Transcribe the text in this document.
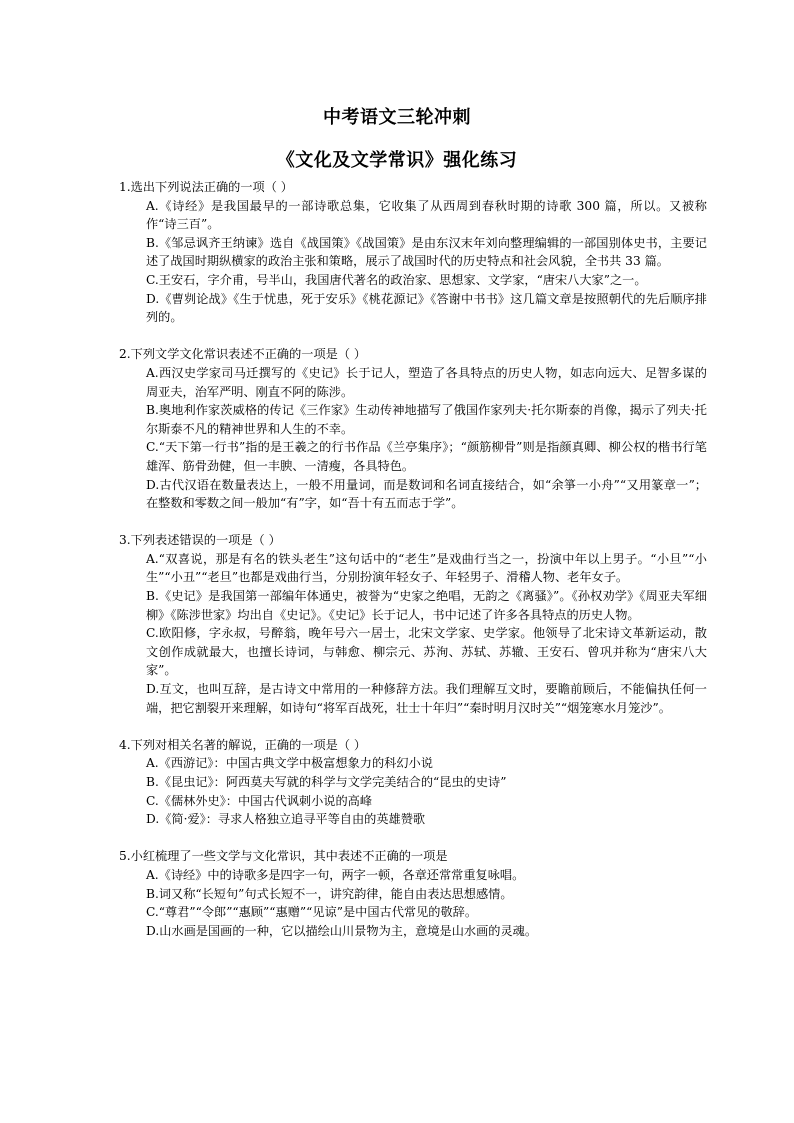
中考语文三轮冲刺
《文化及文学常识》强化练习
1.选出下列说法正确的一项（ ）
A.《诗经》是我国最早的一部诗歌总集，它收集了从西周到春秋时期的诗歌 300 篇，所以。又被称作“诗三百”。
B.《邹忌讽齐王纳谏》选自《战国策》《战国策》是由东汉末年刘向整理编辑的一部国别体史书，主要记述了战国时期纵横家的政治主张和策略，展示了战国时代的历史特点和社会风貌，全书共 33 篇。
C.王安石，字介甫，号半山，我国唐代著名的政治家、思想家、文学家，“唐宋八大家”之一。
D.《曹刿论战》《生于忧患，死于安乐》《桃花源记》《答谢中书书》这几篇文章是按照朝代的先后顺序排列的。
2.下列文学文化常识表述不正确的一项是（ ）
A.西汉史学家司马迁撰写的《史记》长于记人，塑造了各具特点的历史人物，如志向远大、足智多谋的周亚夫，治军严明、刚直不阿的陈涉。
B.奥地利作家茨威格的传记《三作家》生动传神地描写了俄国作家列夫·托尔斯泰的肖像，揭示了列夫·托尔斯泰不凡的精神世界和人生的不幸。
C.“天下第一行书”指的是王羲之的行书作品《兰亭集序》；“颜筋柳骨”则是指颜真卿、柳公权的楷书行笔雄浑、筋骨劲健，但一丰腴、一清瘦，各具特色。
D.古代汉语在数量表达上，一般不用量词，而是数词和名词直接结合，如“余箏一小舟”“又用篆章一”；在整数和零数之间一般加“有”字，如“吾十有五而志于学”。
3.下列表述错误的一项是（ ）
A.“双喜说，那是有名的铁头老生”这句话中的“老生”是戏曲行当之一，扮演中年以上男子。“小旦”“小生”“小丑”“老旦”也都是戏曲行当，分别扮演年轻女子、年轻男子、滑稽人物、老年女子。
B.《史记》是我国第一部编年体通史，被誉为“史家之绝唱，无韵之《离骚》”。《孙权劝学》《周亚夫军细柳》《陈涉世家》均出自《史记》。《史记》长于记人，书中记述了许多各具特点的历史人物。
C.欧阳修，字永叔，号醉翁，晚年号六一居士，北宋文学家、史学家。他领导了北宋诗文革新运动，散文创作成就最大，也擅长诗词，与韩愈、柳宗元、苏洵、苏轼、苏辙、王安石、曾巩并称为“唐宋八大家”。
D.互文，也叫互辞，是古诗文中常用的一种修辞方法。我们理解互文时，要瞻前顾后，不能偏执任何一端，把它割裂开来理解，如诗句“将军百战死，壮士十年归”“秦时明月汉时关”“烟笼寒水月笼沙”。
4.下列对相关名著的解说，正确的一项是（ ）
A.《西游记》：中国古典文学中极富想象力的科幻小说
B.《昆虫记》：阿西莫夫写就的科学与文学完美结合的“昆虫的史诗”
C.《儒林外史》：中国古代讽刺小说的高峰
D.《简·爱》：寻求人格独立追寻平等自由的英雄赞歌
5.小红梳理了一些文学与文化常识，其中表述不正确的一项是
A.《诗经》中的诗歌多是四字一句，两字一顿，各章还常常重复咏唱。
B.词又称“长短句”句式长短不一，讲究韵律，能自由表达思想感情。
C.“尊君”“令郎”“惠顾”“惠赠”“见谅”是中国古代常见的敬辞。
D.山水画是国画的一种，它以描绘山川景物为主，意境是山水画的灵魂。
